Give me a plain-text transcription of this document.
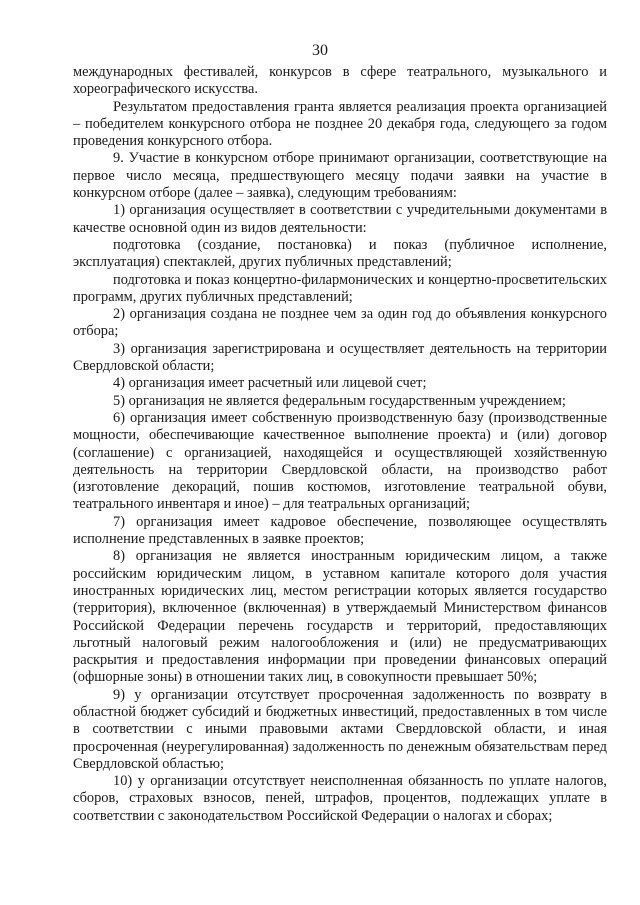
30

международных фестивалей, конкурсов в сфере театрального, музыкального и хореографического искусства.

Результатом предоставления гранта является реализация проекта организацией – победителем конкурсного отбора не позднее 20 декабря года, следующего за годом проведения конкурсного отбора.

9. Участие в конкурсном отборе принимают организации, соответствующие на первое число месяца, предшествующего месяцу подачи заявки на участие в конкурсном отборе (далее – заявка), следующим требованиям:

1) организация осуществляет в соответствии с учредительными документами в качестве основной один из видов деятельности:

подготовка (создание, постановка) и показ (публичное исполнение, эксплуатация) спектаклей, других публичных представлений;

подготовка и показ концертно-филармонических и концертно-просветительских программ, других публичных представлений;

2) организация создана не позднее чем за один год до объявления конкурсного отбора;

3) организация зарегистрирована и осуществляет деятельность на территории Свердловской области;

4) организация имеет расчетный или лицевой счет;

5) организация не является федеральным государственным учреждением;

6) организация имеет собственную производственную базу (производственные мощности, обеспечивающие качественное выполнение проекта) и (или) договор (соглашение) с организацией, находящейся и осуществляющей хозяйственную деятельность на территории Свердловской области, на производство работ (изготовление декораций, пошив костюмов, изготовление театральной обуви, театрального инвентаря и иное) – для театральных организаций;

7) организация имеет кадровое обеспечение, позволяющее осуществлять исполнение представленных в заявке проектов;

8) организация не является иностранным юридическим лицом, а также российским юридическим лицом, в уставном капитале которого доля участия иностранных юридических лиц, местом регистрации которых является государство (территория), включенное (включенная) в утверждаемый Министерством финансов Российской Федерации перечень государств и территорий, предоставляющих льготный налоговый режим налогообложения и (или) не предусматривающих раскрытия и предоставления информации при проведении финансовых операций (офшорные зоны) в отношении таких лиц, в совокупности превышает 50%;

9) у организации отсутствует просроченная задолженность по возврату в областной бюджет субсидий и бюджетных инвестиций, предоставленных в том числе в соответствии с иными правовыми актами Свердловской области, и иная просроченная (неурегулированная) задолженность по денежным обязательствам перед Свердловской областью;

10) у организации отсутствует неисполненная обязанность по уплате налогов, сборов, страховых взносов, пеней, штрафов, процентов, подлежащих уплате в соответствии с законодательством Российской Федерации о налогах и сборах;
